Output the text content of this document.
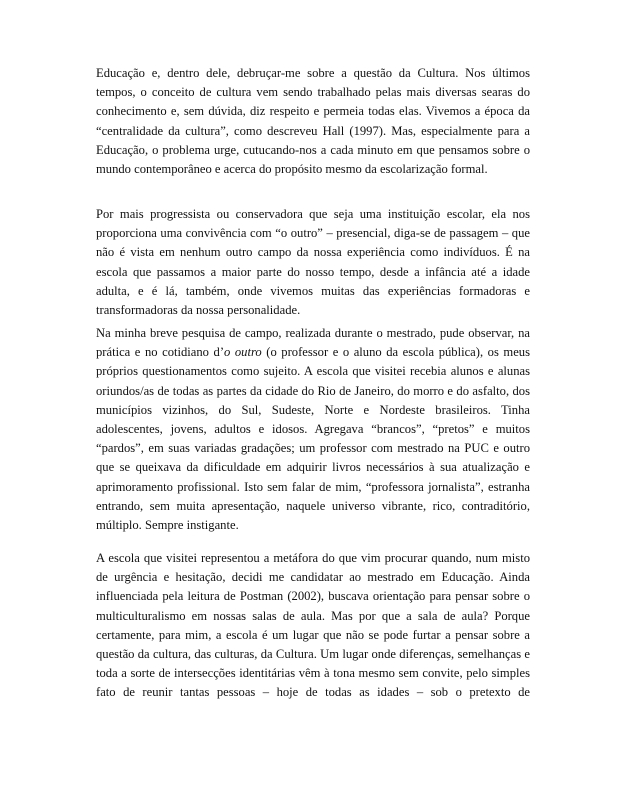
Educação e, dentro dele, debruçar-me sobre a questão da Cultura. Nos últimos
tempos, o conceito de cultura vem sendo trabalhado pelas mais diversas searas do
conhecimento e, sem dúvida, diz respeito e permeia todas elas. Vivemos a época da
“centralidade da cultura”, como descreveu Hall (1997). Mas, especialmente para a
Educação, o problema urge, cutucando-nos a cada minuto em que pensamos sobre o
mundo contemporâneo e acerca do propósito mesmo da escolarização formal.
Por mais progressista ou conservadora que seja uma instituição escolar, ela nos
proporciona uma convivência com “o outro” – presencial, diga-se de passagem – que
não é vista em nenhum outro campo da nossa experiência como indivíduos. É na
escola que passamos a maior parte do nosso tempo, desde a infância até a idade
adulta, e é lá, também, onde vivemos muitas das experiências formadoras e
transformadoras da nossa personalidade.
Na minha breve pesquisa de campo, realizada durante o mestrado, pude observar, na
prática e no cotidiano d’o outro (o professor e o aluno da escola pública), os meus
próprios questionamentos como sujeito. A escola que visitei recebia alunos e alunas
oriundos/as de todas as partes da cidade do Rio de Janeiro, do morro e do asfalto, dos
municípios vizinhos, do Sul, Sudeste, Norte e Nordeste brasileiros. Tinha
adolescentes, jovens, adultos e idosos. Agregava “brancos”, “pretos” e muitos
“pardos”, em suas variadas gradações; um professor com mestrado na PUC e outro
que se queixava da dificuldade em adquirir livros necessários à sua atualização e
aprimoramento profissional. Isto sem falar de mim, “professora jornalista”, estranha
entrando, sem muita apresentação, naquele universo vibrante, rico, contraditório,
múltiplo. Sempre instigante.
A escola que visitei representou a metáfora do que vim procurar quando, num misto
de urgência e hesitação, decidi me candidatar ao mestrado em Educação. Ainda
influenciada pela leitura de Postman (2002), buscava orientação para pensar sobre o
multiculturalismo em nossas salas de aula. Mas por que a sala de aula? Porque
certamente, para mim, a escola é um lugar que não se pode furtar a pensar sobre a
questão da cultura, das culturas, da Cultura. Um lugar onde diferenças, semelhanças e
toda a sorte de intersecções identitárias vêm à tona mesmo sem convite, pelo simples
fato de reunir tantas pessoas – hoje de todas as idades – sob o pretexto de
